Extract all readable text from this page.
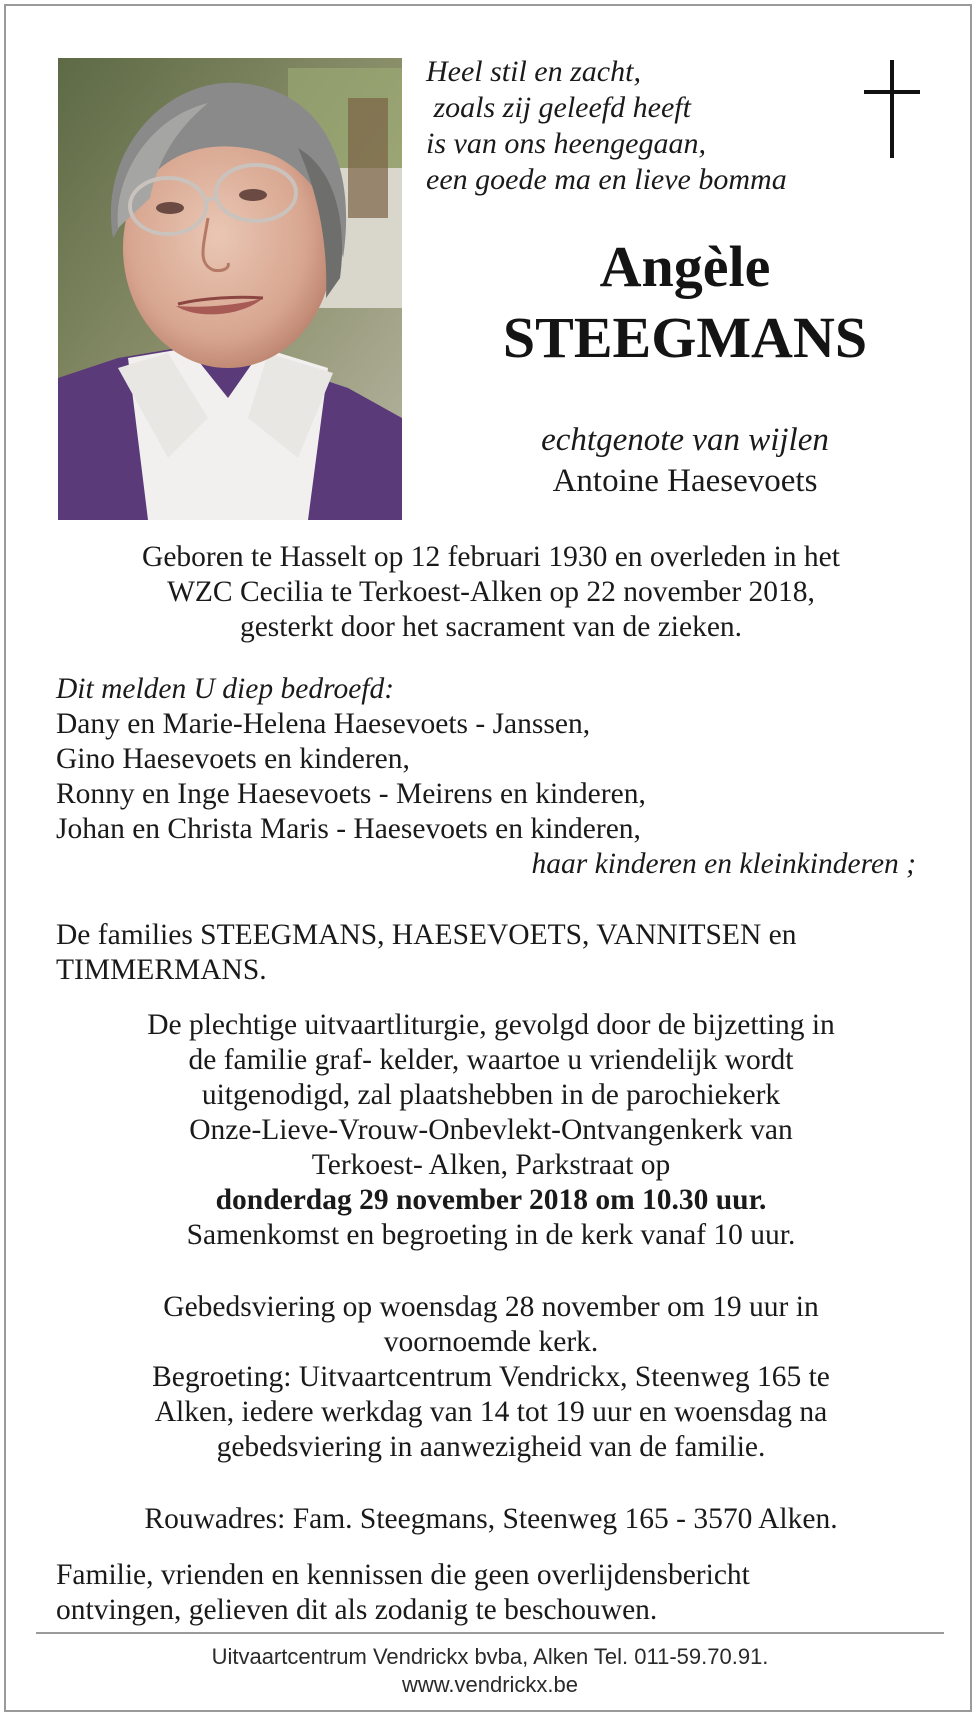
Heel stil en zacht,
zoals zij geleefd heeft
is van ons heengegaan,
een goede ma en lieve bomma
Angèle
STEEGMANS
echtgenote van wijlen
Antoine Haesevoets
Geboren te Hasselt op 12 februari 1930 en overleden in het
WZC Cecilia te Terkoest-Alken op 22 november 2018,
gesterkt door het sacrament van de zieken.
Dit melden U diep bedroefd:
Dany en Marie-Helena Haesevoets - Janssen,
Gino Haesevoets en kinderen,
Ronny en Inge Haesevoets - Meirens en kinderen,
Johan en Christa Maris - Haesevoets en kinderen,
haar kinderen en kleinkinderen ;
De families STEEGMANS, HAESEVOETS, VANNITSEN en
TIMMERMANS.
De plechtige uitvaartliturgie, gevolgd door de bijzetting in
de familie graf- kelder, waartoe u vriendelijk wordt
uitgenodigd, zal plaatshebben in de parochiekerk
Onze-Lieve-Vrouw-Onbevlekt-Ontvangenkerk van
Terkoest- Alken, Parkstraat op
donderdag 29 november 2018 om 10.30 uur.
Samenkomst en begroeting in de kerk vanaf 10 uur.
Gebedsviering op woensdag 28 november om 19 uur in
voornoemde kerk.
Begroeting: Uitvaartcentrum Vendrickx, Steenweg 165 te
Alken, iedere werkdag van 14 tot 19 uur en woensdag na
gebedsviering in aanwezigheid van de familie.
Rouwadres: Fam. Steegmans, Steenweg 165 - 3570 Alken.
Familie, vrienden en kennissen die geen overlijdensbericht
ontvingen, gelieven dit als zodanig te beschouwen.
Uitvaartcentrum Vendrickx bvba, Alken Tel. 011-59.70.91.
www.vendrickx.be
